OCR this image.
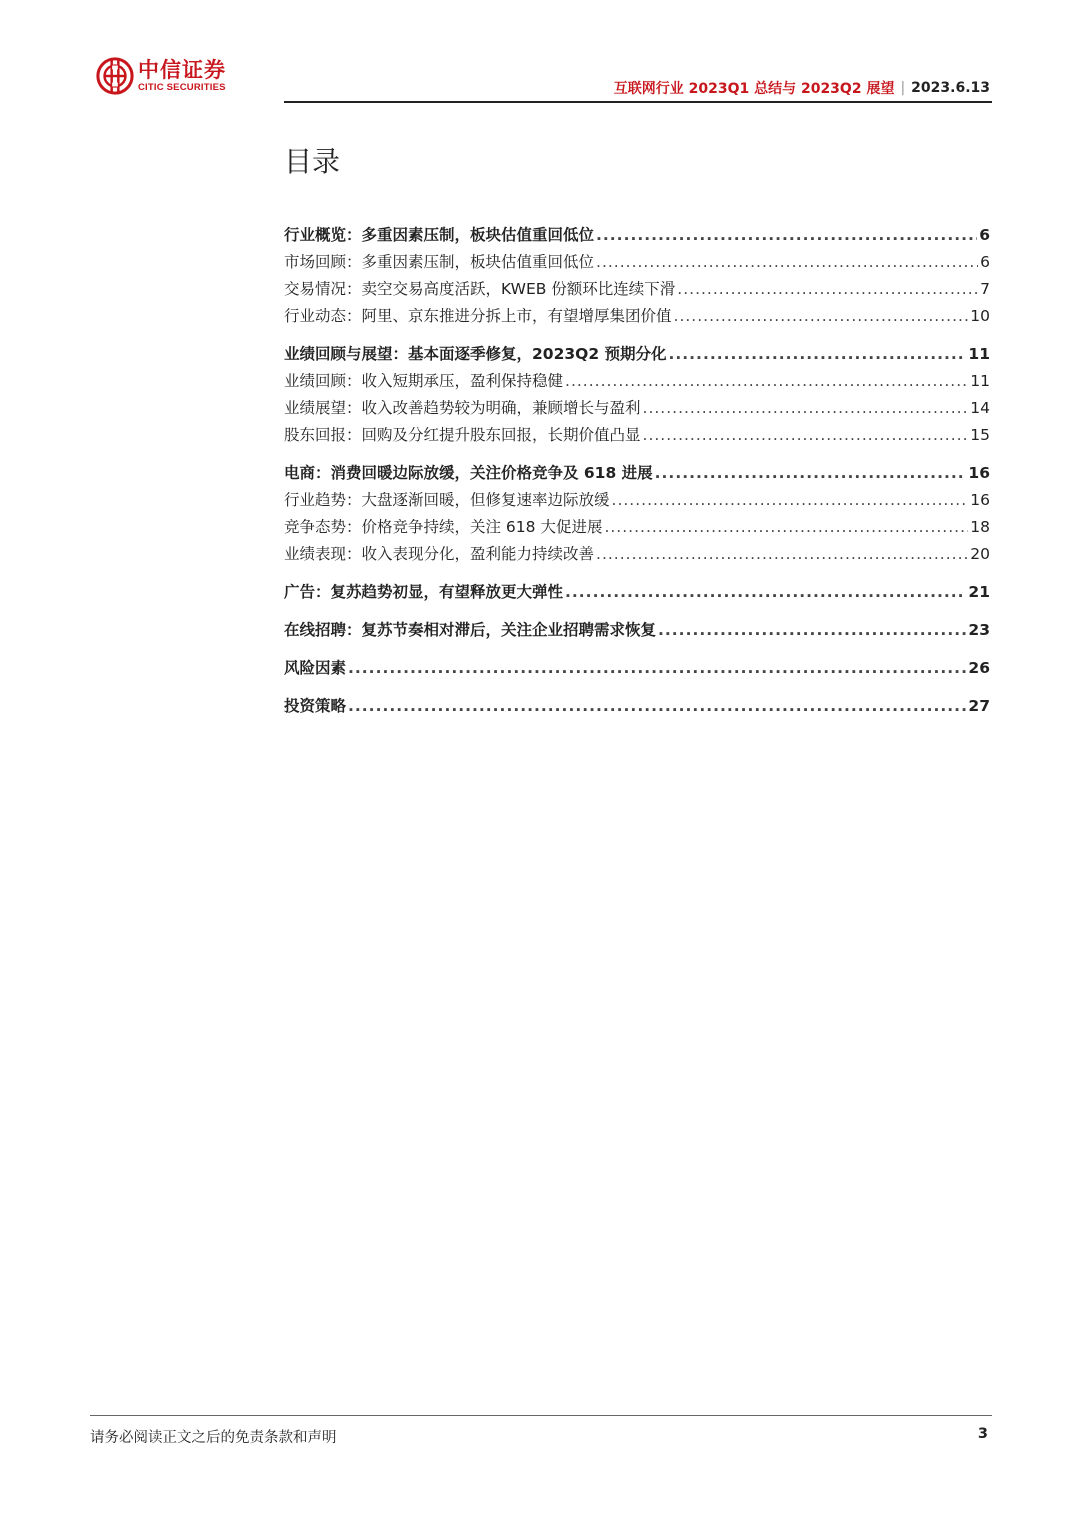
中信证券
CITIC SECURITIES	互联网行业 2023Q1 总结与 2023Q2 展望 | 2023.6.13
目录
行业概览：多重因素压制，板块估值重回低位 .....	6
市场回顾：多重因素压制，板块估值重回低位 .....	6
交易情况：卖空交易高度活跃，KWEB 份额环比连续下滑 .....	7
行业动态：阿里、京东推进分拆上市，有望增厚集团价值 .....	10
业绩回顾与展望：基本面逐季修复，2023Q2 预期分化 .....	11
业绩回顾：收入短期承压，盈利保持稳健 .....	11
业绩展望：收入改善趋势较为明确，兼顾增长与盈利 .....	14
股东回报：回购及分红提升股东回报，长期价值凸显 .....	15
电商：消费回暖边际放缓，关注价格竞争及 618 进展 .....	16
行业趋势：大盘逐渐回暖，但修复速率边际放缓 .....	16
竞争态势：价格竞争持续，关注 618 大促进展 .....	18
业绩表现：收入表现分化，盈利能力持续改善 .....	20
广告：复苏趋势初显，有望释放更大弹性 .....	21
在线招聘：复苏节奏相对滞后，关注企业招聘需求恢复 .....	23
风险因素 .....	26
投资策略 .....	27
请务必阅读正文之后的免责条款和声明	3
